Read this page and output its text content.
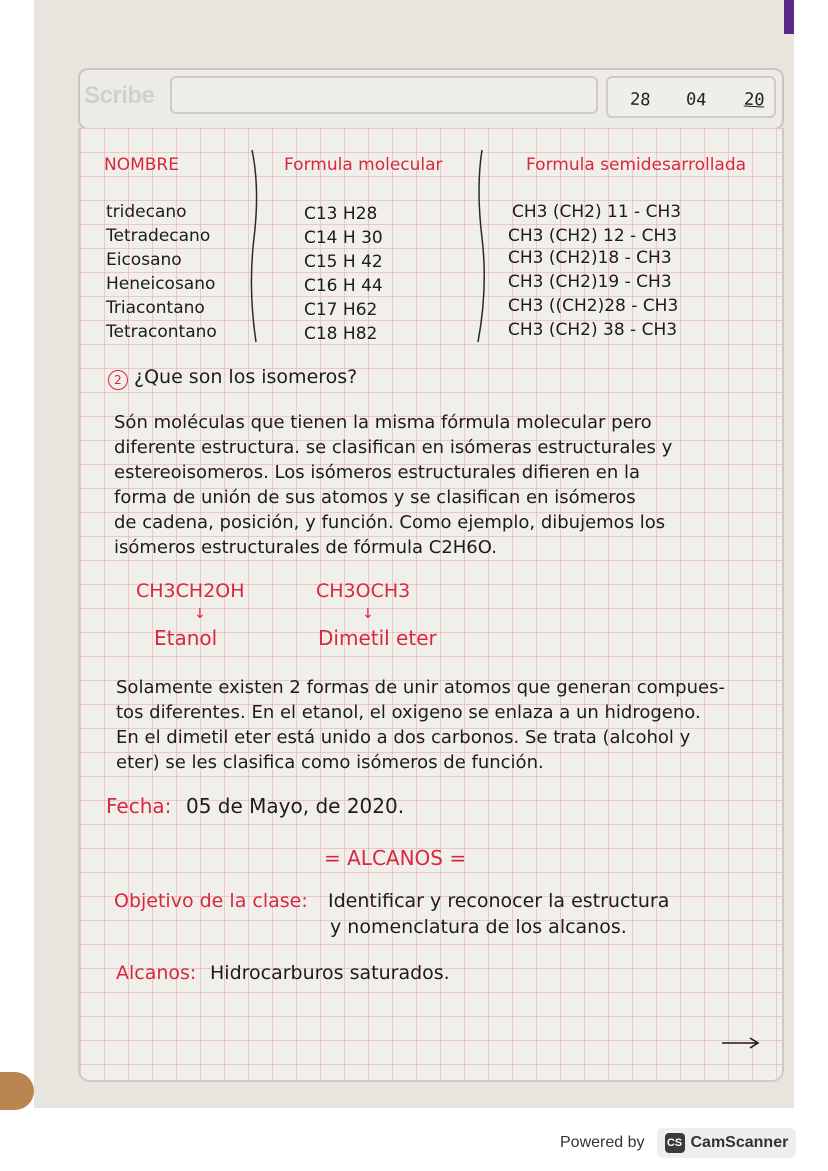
Scribe	28 04 20
NOMBRE	Formula molecular	Formula semidesarrollada
tridecano	C13 H28	CH3 (CH2) 11 - CH3
Tetradecano	C14 H 30	CH3 (CH2) 12 - CH3
Eicosano	C15 H 42	CH3 (CH2)18 - CH3
Heneicosano	C16 H 44	CH3 (CH2)19 - CH3
Triacontano	C17 H62	CH3 ((CH2)28 - CH3
Tetracontano	C18 H82	CH3 (CH2) 38 - CH3
2 ¿Que son los isomeros?
Són moléculas que tienen la misma fórmula molecular pero
diferente estructura. se clasifican en isómeras estructurales y
estereoisomeros. Los isómeros estructurales difieren en la
forma de unión de sus atomos y se clasifican en isómeros
de cadena, posición, y función. Como ejemplo, dibujemos los
isómeros estructurales de fórmula C2H6O.
CH3CH2OH
↓
Etanol
CH3OCH3
↓
Dimetil eter
Solamente existen 2 formas de unir atomos que generan compues-
tos diferentes. En el etanol, el oxigeno se enlaza a un hidrogeno.
En el dimetil eter está unido a dos carbonos. Se trata (alcohol y
eter) se les clasifica como isómeros de función.
Fecha: 05 de Mayo, de 2020.
= ALCANOS =
Objetivo de la clase: Identificar y reconocer la estructura
y nomenclatura de los alcanos.
Alcanos: Hidrocarburos saturados.
Powered by CS CamScanner
